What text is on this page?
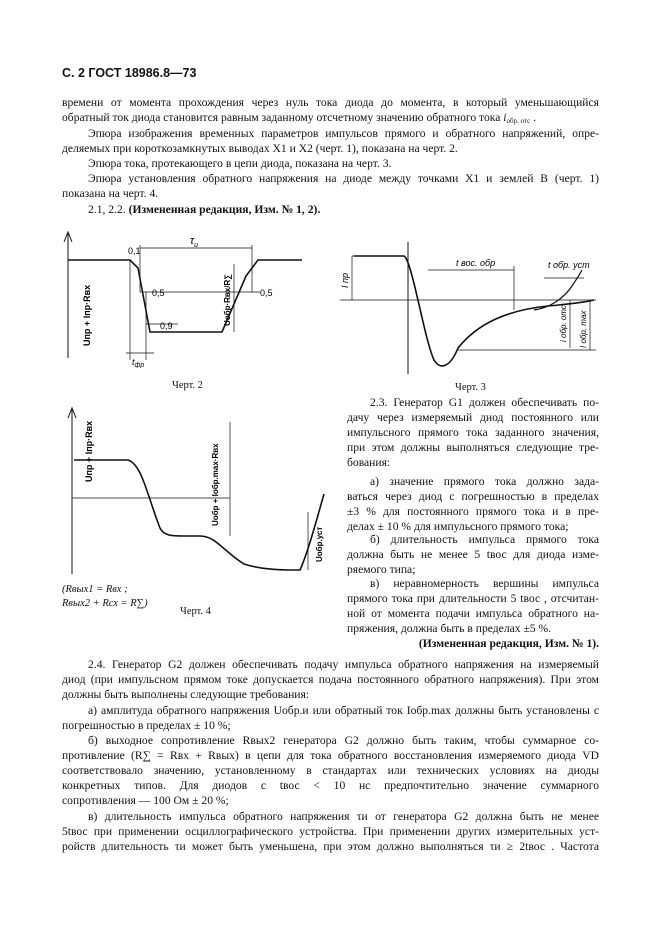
С. 2 ГОСТ 18986.8—73
времени от момента прохождения через нуль тока диода до момента, в который уменьшающийся
обратный ток диода становится равным заданному отсчетному значению обратного тока $i_{обр. отс}$ .
Эпюра изображения временных параметров импульсов прямого и обратного напряжений, опре-
деляемых при короткозамкнутых выводах Х1 и Х2 (черт. 1), показана на черт. 2.
Эпюра тока, протекающего в цепи диода, показана на черт. 3.
Эпюра установления обратного напряжения на диоде между точками Х1 и землей В (черт. 1)
показана на черт. 4.
2.1, 2.2. (Измененная редакция, Изм. № 1, 2).
$\tau_и$
0,1
0,5	0,5
0,9
$t_{фр}$
Uпр + Iпр·Rвх	Uобр·Rвх/R∑
Черт. 2
t вос. обр	t обр. уст
I пр
i обр. отс I обр. max
Черт. 3
Uпр + Iпр·Rвх	Uобр + Iобр.max·Rвх
Uобр.уст
(Rвых1 = Rвх ;
Rвых2 + Rсх = R∑)
Черт. 4
2.3. Генератор G1 должен обеспечивать по-
дачу через измеряемый диод постоянного или
импульсного прямого тока заданного значения,
при этом должны выполняться следующие тре-
бования:
а) значение прямого тока должно зада-
ваться через диод с погрешностью в пределах
±3 % для постоянного прямого тока и в пре-
делах ± 10 % для импульсного прямого тока;
б) длительность импульса прямого тока
должна быть не менее 5 tвос для диода изме-
ряемого типа;
в) неравномерность вершины импульса
прямого тока при длительности 5 tвос , отсчитан-
ной от момента подачи импульса обратного на-
пряжения, должна быть в пределах ±5 %.
(Измененная редакция, Изм. № 1).
2.4. Генератор G2 должен обеспечивать подачу импульса обратного напряжения на измеряемый
диод (при импульсном прямом токе допускается подача постоянного обратного напряжения). При этом
должны быть выполнены следующие требования:
а) амплитуда обратного напряжения Uобр.и или обратный ток Iобр.max должны быть установлены с
погрешностью в пределах ± 10 %;
б) выходное сопротивление Rвых2 генератора G2 должно быть таким, чтобы суммарное со-
противление (R∑ = Rвх + Rвых) в цепи для тока обратного восстановления измеряемого диода VD
соответствовало значению, установленному в стандартах или технических условиях на диоды
конкретных типов. Для диодов с tвос < 10 нс предпочтительно значение суммарного
сопротивления — 100 Ом ± 20 %;
в) длительность импульса обратного напряжения τи от генератора G2 должна быть не менее
5tвос при применении осциллографического устройства. При применении других измерительных уст-
ройств длительность τи может быть уменьшена, при этом должно выполняться τи ≥ 2tвос . Частота
